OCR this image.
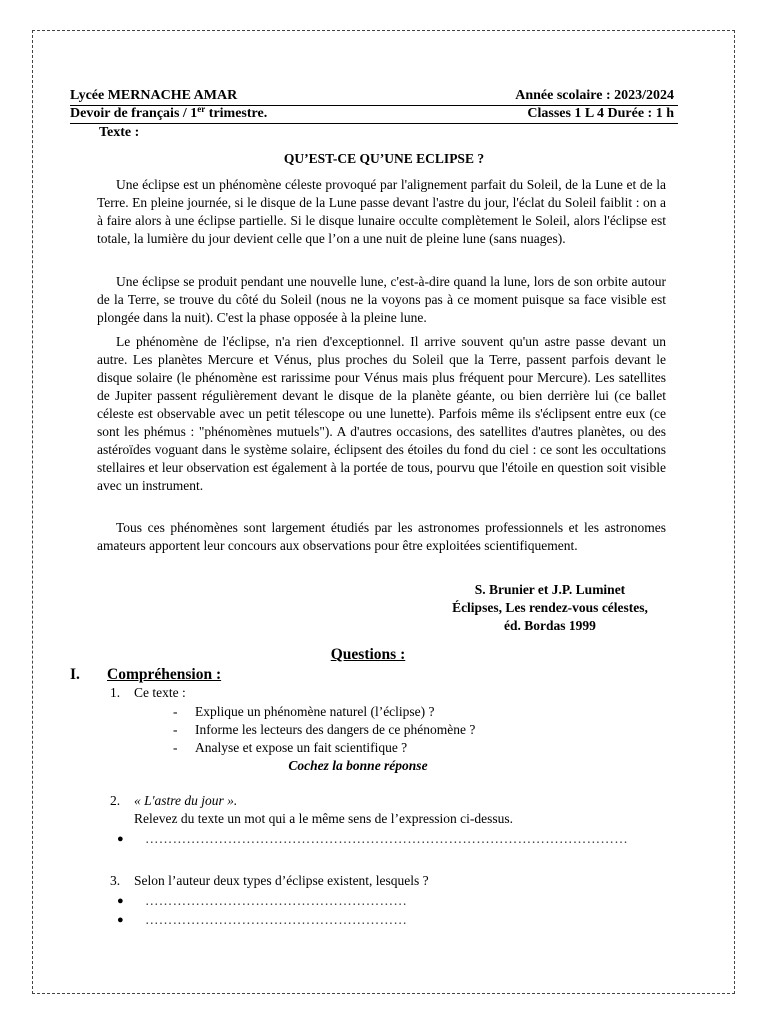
Lycée MERNACHE AMAR	Année scolaire : 2023/2024
Devoir de français / 1er trimestre.	Classes 1 L 4 Durée : 1 h
Texte :
QU’EST-CE QU’UNE ECLIPSE ?
Une éclipse est un phénomène céleste provoqué par l'alignement parfait du Soleil, de la Lune et de la Terre. En pleine journée, si le disque de la Lune passe devant l'astre du jour, l'éclat du Soleil faiblit : on a à faire alors à une éclipse partielle. Si le disque lunaire occulte complètement le Soleil, alors l'éclipse est totale, la lumière du jour devient celle que l’on a une nuit de pleine lune (sans nuages).
Une éclipse se produit pendant une nouvelle lune, c'est-à-dire quand la lune, lors de son orbite autour de la Terre, se trouve du côté du Soleil (nous ne la voyons pas à ce moment puisque sa face visible est plongée dans la nuit). C'est la phase opposée à la pleine lune.
Le phénomène de l'éclipse, n'a rien d'exceptionnel. Il arrive souvent qu'un astre passe devant un autre. Les planètes Mercure et Vénus, plus proches du Soleil que la Terre, passent parfois devant le disque solaire (le phénomène est rarissime pour Vénus mais plus fréquent pour Mercure). Les satellites de Jupiter passent régulièrement devant le disque de la planète géante, ou bien derrière lui (ce ballet céleste est observable avec un petit télescope ou une lunette). Parfois même ils s'éclipsent entre eux (ce sont les phémus : "phénomènes mutuels"). A d'autres occasions, des satellites d'autres planètes, ou des astéroïdes voguant dans le système solaire, éclipsent des étoiles du fond du ciel : ce sont les occultations stellaires et leur observation est également à la portée de tous, pourvu que l'étoile en question soit visible avec un instrument.
Tous ces phénomènes sont largement étudiés par les astronomes professionnels et les astronomes amateurs apportent leur concours aux observations pour être exploitées scientifiquement.
S. Brunier et J.P. Luminet
Éclipses, Les rendez-vous célestes,
éd. Bordas 1999
Questions :
I. Compréhension :
1. Ce texte :
- Explique un phénomène naturel (l’éclipse) ?
- Informe les lecteurs des dangers de ce phénomène ?
- Analyse et expose un fait scientifique ?
Cochez la bonne réponse
2. « L'astre du jour ».
Relevez du texte un mot qui a le même sens de l’expression ci-dessus.
● ……………………………………………………………………………………………
3. Selon l’auteur deux types d’éclipse existent, lesquels ?
● …………………………………………………
● …………………………………………………
